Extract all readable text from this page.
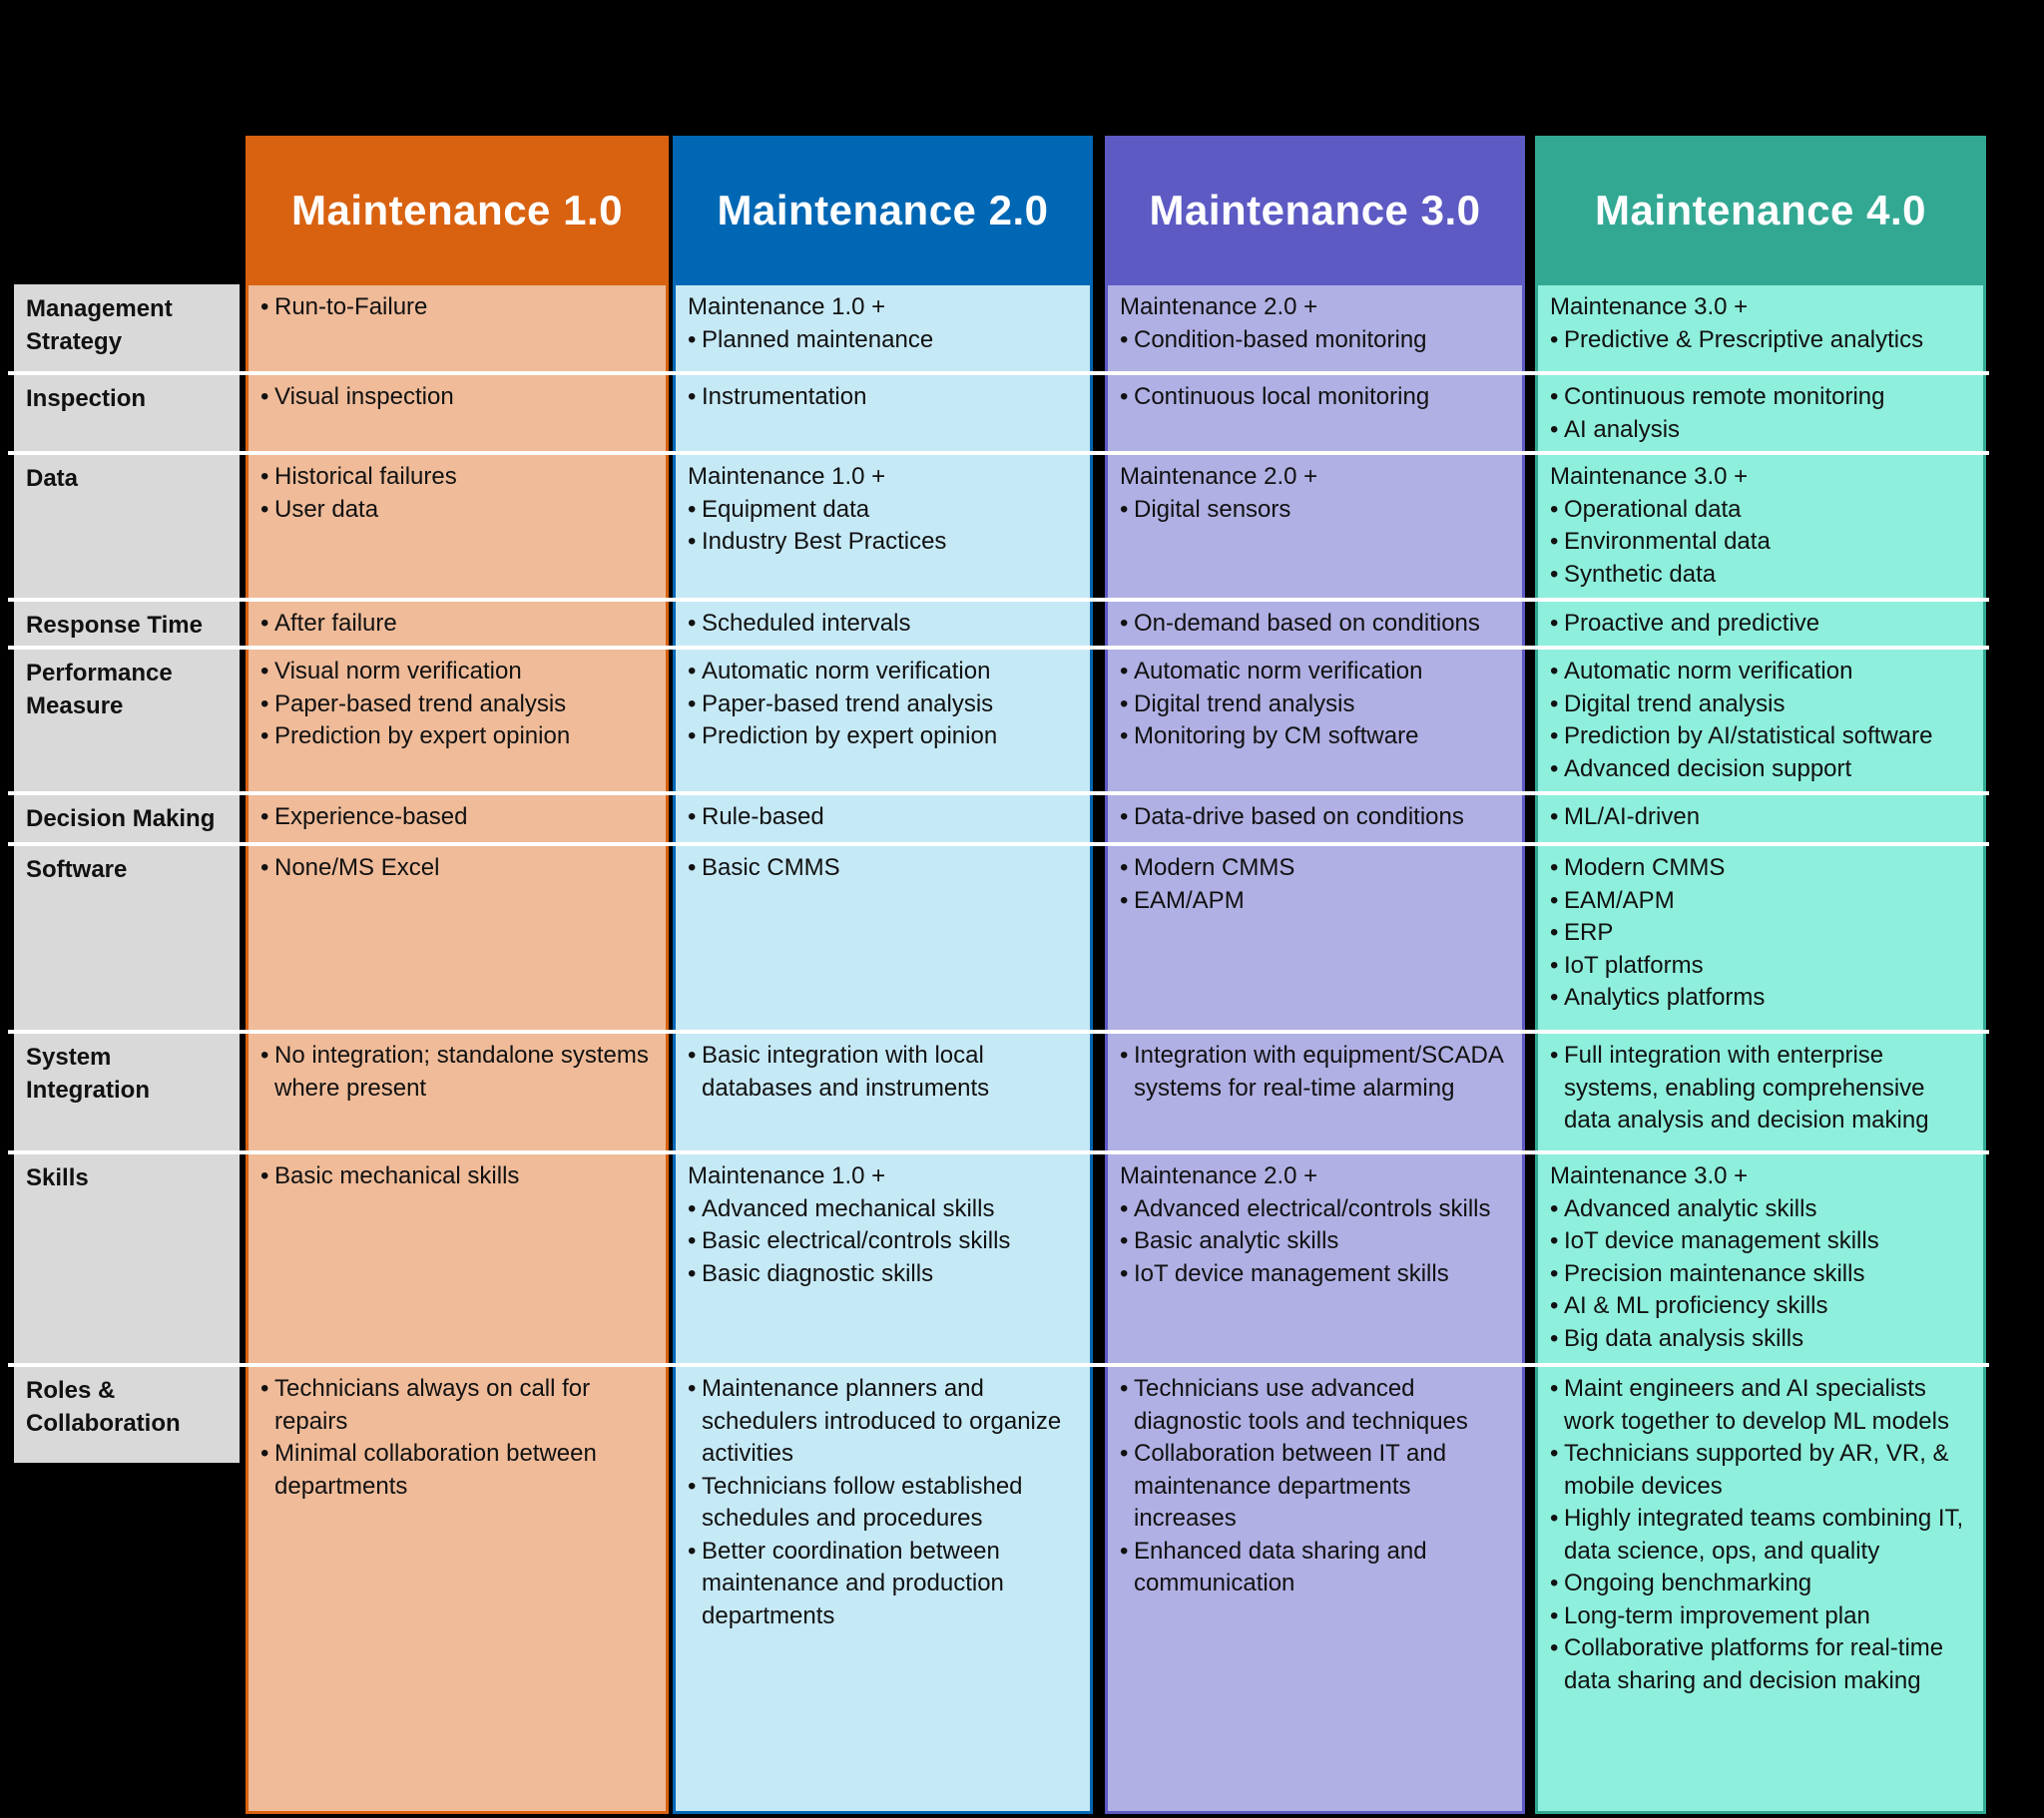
Management Strategy
Inspection
Data
Response Time
Performance Measure
Decision Making
Software
System Integration
Skills
Roles & Collaboration
Maintenance 1.0
• Run-to-Failure
• Visual inspection
• Historical failures
• User data
• After failure
• Visual norm verification
• Paper-based trend analysis
• Prediction by expert opinion
• Experience-based
• None/MS Excel
• No integration; standalone systems where present
• Basic mechanical skills
• Technicians always on call for repairs
• Minimal collaboration between departments
Maintenance 2.0
Maintenance 1.0 +
• Planned maintenance
• Instrumentation
Maintenance 1.0 +
• Equipment data
• Industry Best Practices
• Scheduled intervals
• Automatic norm verification
• Paper-based trend analysis
• Prediction by expert opinion
• Rule-based
• Basic CMMS
• Basic integration with local databases and instruments
Maintenance 1.0 +
• Advanced mechanical skills
• Basic electrical/controls skills
• Basic diagnostic skills
• Maintenance planners and schedulers introduced to organize activities
• Technicians follow established schedules and procedures
• Better coordination between maintenance and production departments
Maintenance 3.0
Maintenance 2.0 +
• Condition-based monitoring
• Continuous local monitoring
Maintenance 2.0 +
• Digital sensors
• On-demand based on conditions
• Automatic norm verification
• Digital trend analysis
• Monitoring by CM software
• Data-drive based on conditions
• Modern CMMS
• EAM/APM
• Integration with equipment/SCADA systems for real-time alarming
Maintenance 2.0 +
• Advanced electrical/controls skills
• Basic analytic skills
• IoT device management skills
• Technicians use advanced diagnostic tools and techniques
• Collaboration between IT and maintenance departments increases
• Enhanced data sharing and communication
Maintenance 4.0
Maintenance 3.0 +
• Predictive & Prescriptive analytics
• Continuous remote monitoring
• AI analysis
Maintenance 3.0 +
• Operational data
• Environmental data
• Synthetic data
• Proactive and predictive
• Automatic norm verification
• Digital trend analysis
• Prediction by AI/statistical software
• Advanced decision support
• ML/AI-driven
• Modern CMMS
• EAM/APM
• ERP
• IoT platforms
• Analytics platforms
• Full integration with enterprise systems, enabling comprehensive data analysis and decision making
Maintenance 3.0 +
• Advanced analytic skills
• IoT device management skills
• Precision maintenance skills
• AI & ML proficiency skills
• Big data analysis skills
• Maint engineers and AI specialists work together to develop ML models
• Technicians supported by AR, VR, & mobile devices
• Highly integrated teams combining IT, data science, ops, and quality
• Ongoing benchmarking
• Long-term improvement plan
• Collaborative platforms for real-time data sharing and decision making
